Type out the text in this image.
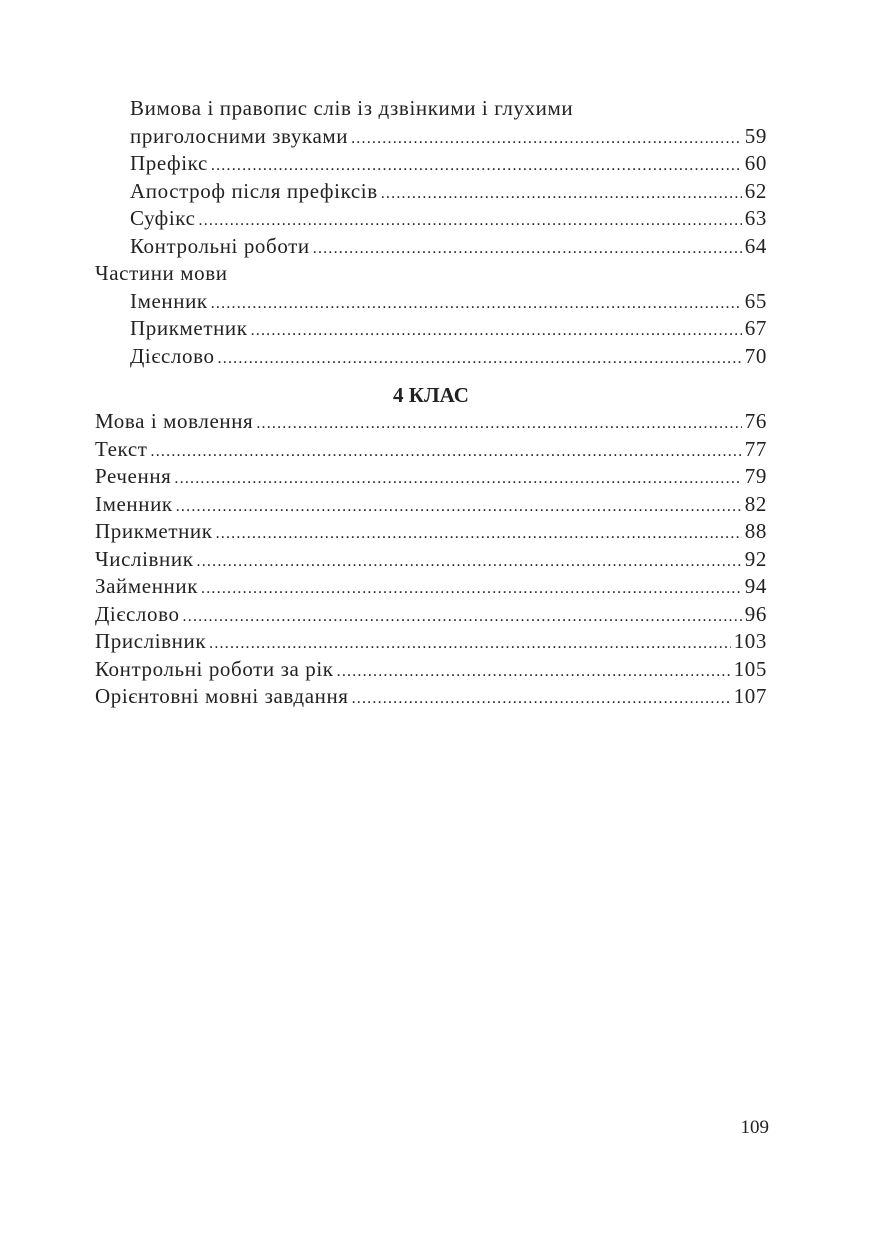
Вимова і правопис слів із дзвінкими і глухими
приголосними звуками .....	59
Префікс .....	60
Апостроф після префіксів .....	62
Суфікс .....	63
Контрольні роботи .....	64
Частини мови
Іменник .....	65
Прикметник .....	67
Дієслово .....	70
4 КЛАС
Мова і мовлення .....	76
Текст .....	77
Речення .....	79
Іменник .....	82
Прикметник .....	88
Числівник .....	92
Займенник .....	94
Дієслово .....	96
Прислівник .....	103
Контрольні роботи за рік .....	105
Орієнтовні мовні завдання .....	107
109
